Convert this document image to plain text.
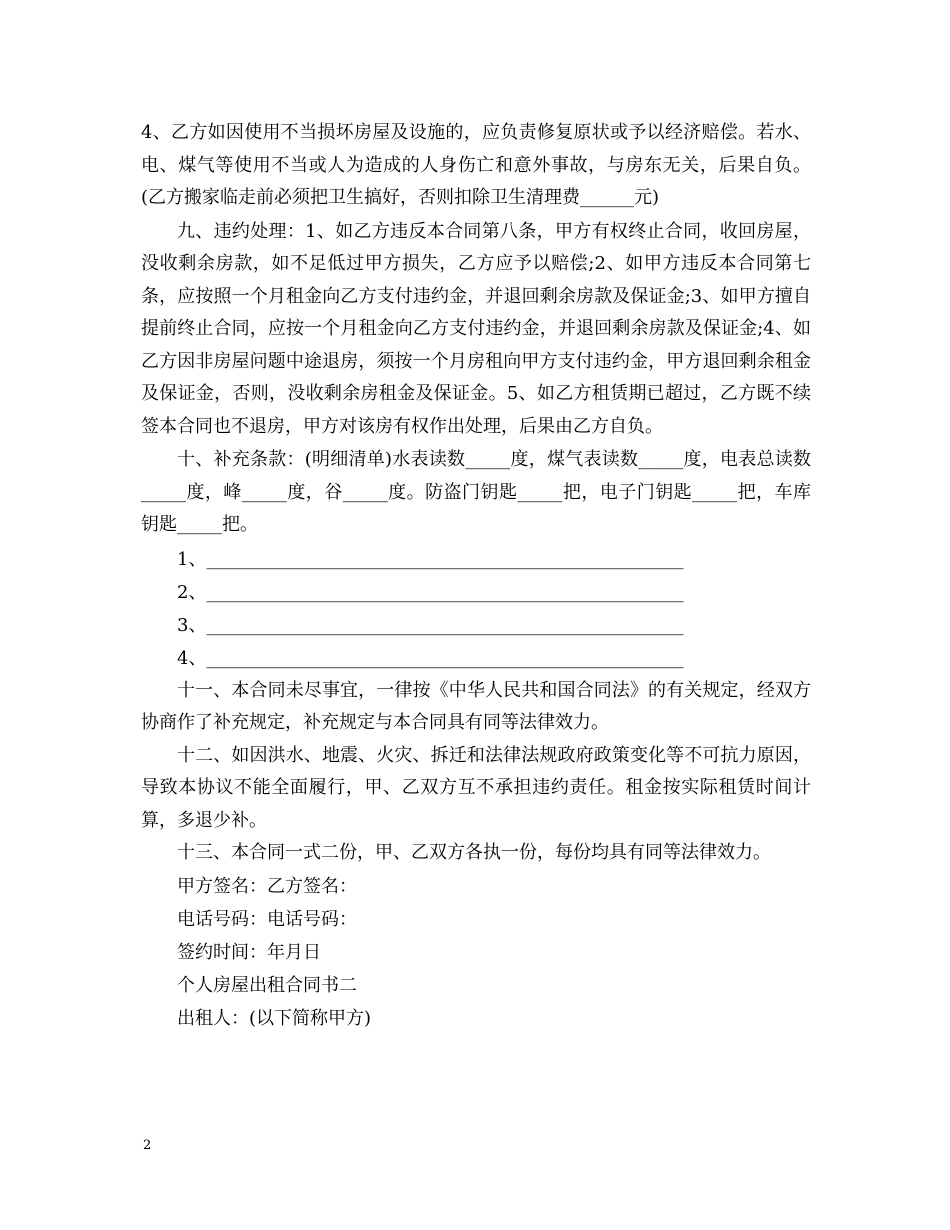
4、乙方如因使用不当损坏房屋及设施的，应负责修复原状或予以经济赔偿。若水、电、煤气等使用不当或人为造成的人身伤亡和意外事故，与房东无关，后果自负。(乙方搬家临走前必须把卫生搞好，否则扣除卫生清理费______元)

九、违约处理：1、如乙方违反本合同第八条，甲方有权终止合同，收回房屋，没收剩余房款，如不足低过甲方损失，乙方应予以赔偿;2、如甲方违反本合同第七条，应按照一个月租金向乙方支付违约金，并退回剩余房款及保证金;3、如甲方擅自提前终止合同，应按一个月租金向乙方支付违约金，并退回剩余房款及保证金;4、如乙方因非房屋问题中途退房，须按一个月房租向甲方支付违约金，甲方退回剩余租金及保证金，否则，没收剩余房租金及保证金。5、如乙方租赁期已超过，乙方既不续签本合同也不退房，甲方对该房有权作出处理，后果由乙方自负。

十、补充条款：(明细清单)水表读数_____度，煤气表读数_____度，电表总读数_____度，峰_____度，谷_____度。防盗门钥匙_____把，电子门钥匙_____把，车库钥匙_____把。

1、_____________________________________________________

2、_____________________________________________________

3、_____________________________________________________

4、_____________________________________________________

十一、本合同未尽事宜，一律按《中华人民共和国合同法》的有关规定，经双方协商作了补充规定，补充规定与本合同具有同等法律效力。

十二、如因洪水、地震、火灾、拆迁和法律法规政府政策变化等不可抗力原因，导致本协议不能全面履行，甲、乙双方互不承担违约责任。租金按实际租赁时间计算，多退少补。

十三、本合同一式二份，甲、乙双方各执一份，每份均具有同等法律效力。

甲方签名：乙方签名：

电话号码：电话号码：

签约时间：年月日

个人房屋出租合同书二

出租人：(以下简称甲方)

2
